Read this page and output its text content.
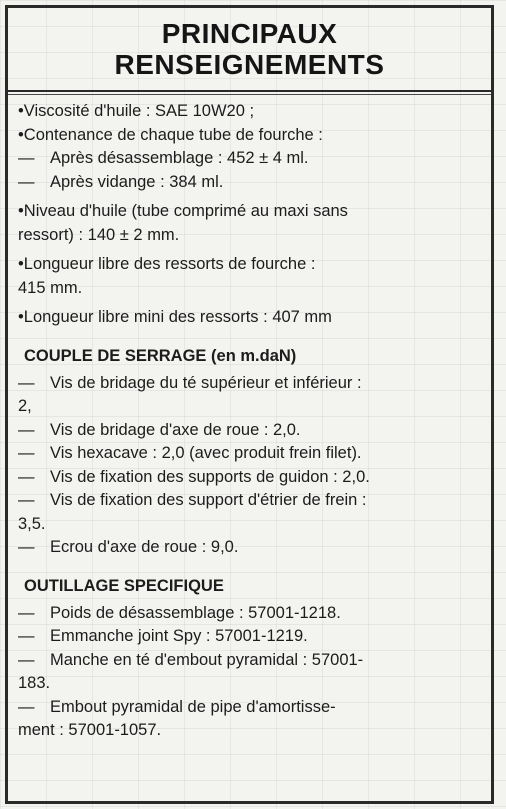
PRINCIPAUX
RENSEIGNEMENTS
•Viscosité d'huile : SAE 10W20 ;
•Contenance de chaque tube de fourche :
— Après désassemblage : 452 ± 4 ml.
— Après vidange : 384 ml.
•Niveau d'huile (tube comprimé au maxi sans
ressort) : 140 ± 2 mm.
•Longueur libre des ressorts de fourche :
415 mm.
•Longueur libre mini des ressorts : 407 mm
COUPLE DE SERRAGE (en m.daN)
— Vis de bridage du té supérieur et inférieur :
2,
— Vis de bridage d'axe de roue : 2,0.
— Vis hexacave : 2,0 (avec produit frein filet).
— Vis de fixation des supports de guidon : 2,0.
— Vis de fixation des support d'étrier de frein :
3,5.
— Ecrou d'axe de roue : 9,0.
OUTILLAGE SPECIFIQUE
— Poids de désassemblage : 57001-1218.
— Emmanche joint Spy : 57001-1219.
— Manche en té d'embout pyramidal : 57001-
183.
— Embout pyramidal de pipe d'amortisse-
ment : 57001-1057.
